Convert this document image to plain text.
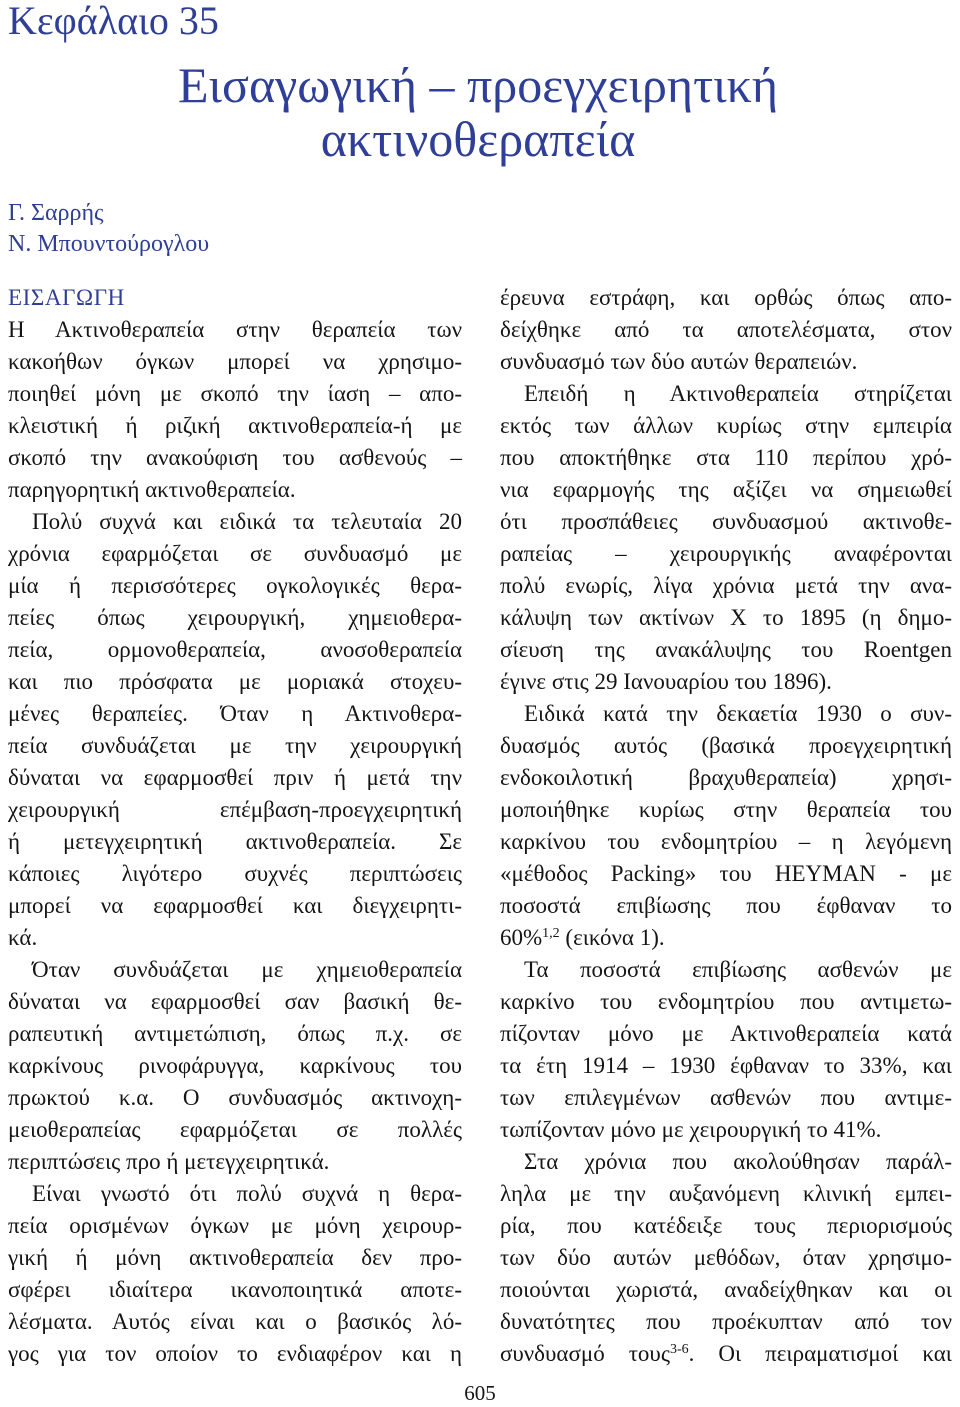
Κεφάλαιο 35
Εισαγωγική – προεγχειρητική
ακτινοθεραπεία
Γ. Σαρρής
Ν. Μπουντούρογλου
ΕΙΣΑΓΩΓΗ
Η Ακτινοθεραπεία στην θεραπεία των
κακοήθων όγκων μπορεί να χρησιμο-
ποιηθεί μόνη με σκοπό την ίαση – απο-
κλειστική ή ριζική ακτινοθεραπεία-ή με
σκοπό την ανακούφιση του ασθενούς –
παρηγορητική ακτινοθεραπεία.
Πολύ συχνά και ειδικά τα τελευταία 20
χρόνια εφαρμόζεται σε συνδυασμό με
μία ή περισσότερες ογκολογικές θερα-
πείες όπως χειρουργική, χημειοθερα-
πεία, ορμονοθεραπεία, ανοσοθεραπεία
και πιο πρόσφατα με μοριακά στοχευ-
μένες θεραπείες. Όταν η Ακτινοθερα-
πεία συνδυάζεται με την χειρουργική
δύναται να εφαρμοσθεί πριν ή μετά την
χειρουργική επέμβαση-προεγχειρητική
ή μετεγχειρητική ακτινοθεραπεία. Σε
κάποιες λιγότερο συχνές περιπτώσεις
μπορεί να εφαρμοσθεί και διεγχειρητι-
κά.
Όταν συνδυάζεται με χημειοθεραπεία
δύναται να εφαρμοσθεί σαν βασική θε-
ραπευτική αντιμετώπιση, όπως π.χ. σε
καρκίνους ρινοφάρυγγα, καρκίνους του
πρωκτού κ.α. Ο συνδυασμός ακτινοχη-
μειοθεραπείας εφαρμόζεται σε πολλές
περιπτώσεις προ ή μετεγχειρητικά.
Είναι γνωστό ότι πολύ συχνά η θερα-
πεία ορισμένων όγκων με μόνη χειρουρ-
γική ή μόνη ακτινοθεραπεία δεν προ-
σφέρει ιδιαίτερα ικανοποιητικά αποτε-
λέσματα. Αυτός είναι και ο βασικός λό-
γος για τον οποίον το ενδιαφέρον και η
έρευνα εστράφη, και ορθώς όπως απο-
δείχθηκε από τα αποτελέσματα, στον
συνδυασμό των δύο αυτών θεραπειών.
Επειδή η Ακτινοθεραπεία στηρίζεται
εκτός των άλλων κυρίως στην εμπειρία
που αποκτήθηκε στα 110 περίπου χρό-
νια εφαρμογής της αξίζει να σημειωθεί
ότι προσπάθειες συνδυασμού ακτινοθε-
ραπείας – χειρουργικής αναφέρονται
πολύ ενωρίς, λίγα χρόνια μετά την ανα-
κάλυψη των ακτίνων Χ το 1895 (η δημο-
σίευση της ανακάλυψης του Roentgen
έγινε στις 29 Ιανουαρίου του 1896).
Ειδικά κατά την δεκαετία 1930 ο συν-
δυασμός αυτός (βασικά προεγχειρητική
ενδοκοιλοτική βραχυθεραπεία) χρησι-
μοποιήθηκε κυρίως στην θεραπεία του
καρκίνου του ενδομητρίου – η λεγόμενη
«μέθοδος Packing» του HEYMAN - με
ποσοστά επιβίωσης που έφθαναν το
60%$^{1,2}$ (εικόνα 1).
Τα ποσοστά επιβίωσης ασθενών με
καρκίνο του ενδομητρίου που αντιμετω-
πίζονταν μόνο με Ακτινοθεραπεία κατά
τα έτη 1914 – 1930 έφθαναν το 33%, και
των επιλεγμένων ασθενών που αντιμε-
τωπίζονταν μόνο με χειρουργική το 41%.
Στα χρόνια που ακολούθησαν παράλ-
ληλα με την αυξανόμενη κλινική εμπει-
ρία, που κατέδειξε τους περιορισμούς
των δύο αυτών μεθόδων, όταν χρησιμο-
ποιούνται χωριστά, αναδείχθηκαν και οι
δυνατότητες που προέκυπταν από τον
συνδυασμό τους$^{3-6}$. Οι πειραματισμοί και
605
